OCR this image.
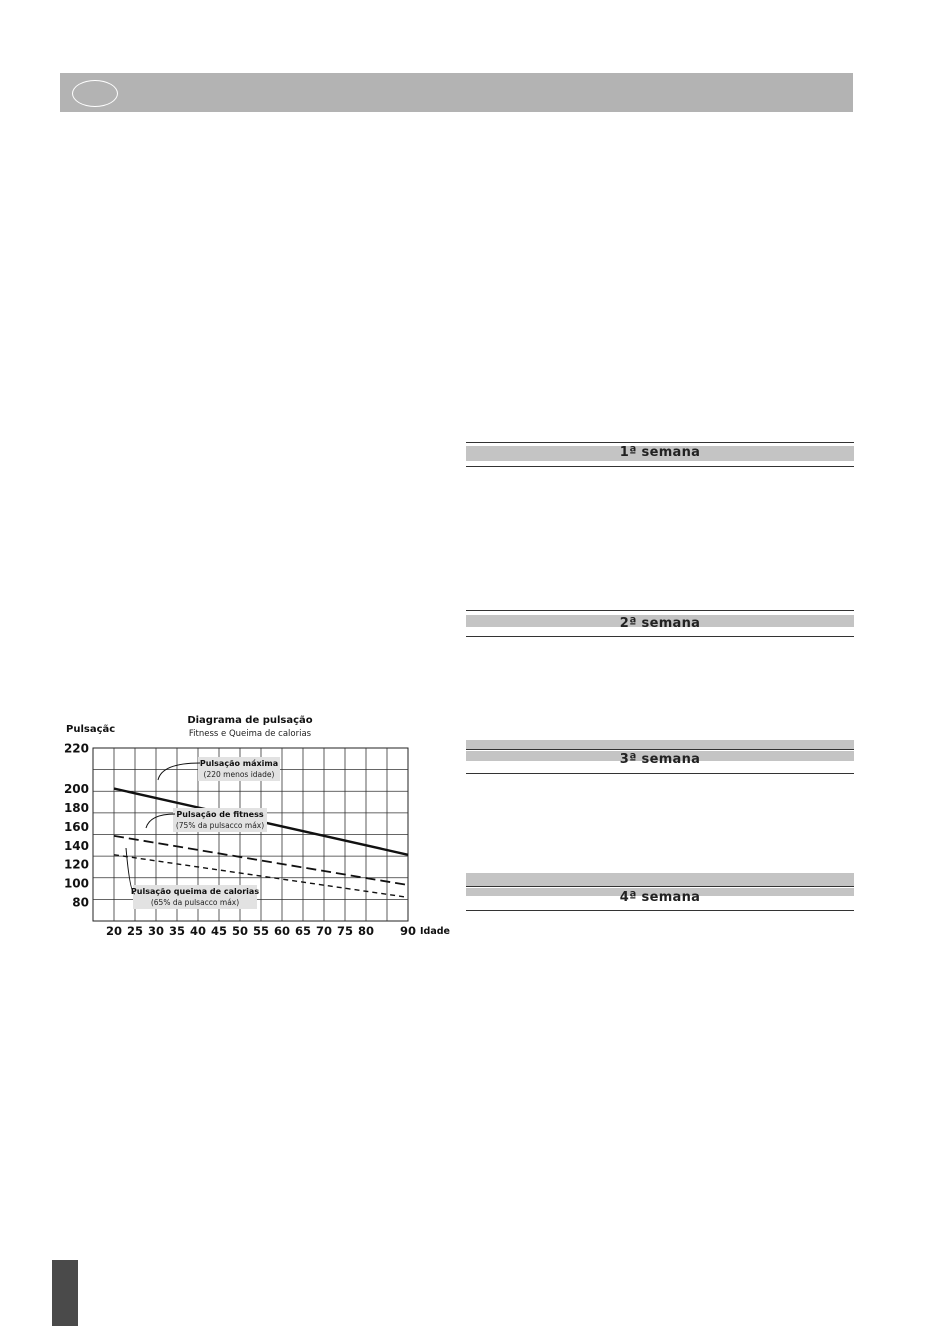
1ª semana
2ª semana
3ª semana
4ª semana
Diagrama de pulsação
Fitness e Queima de calorias
Pulsaçãc
Idade
220
200
180
160
140
120
100
80
20 25 30 35 40 45 50 55 60 65 70 75 80 90
Pulsação máxima
(220 menos idade)
Pulsação de fitness
(75% da pulsacco máx)
Pulsação queima de calorias
(65% da pulsacco máx)
